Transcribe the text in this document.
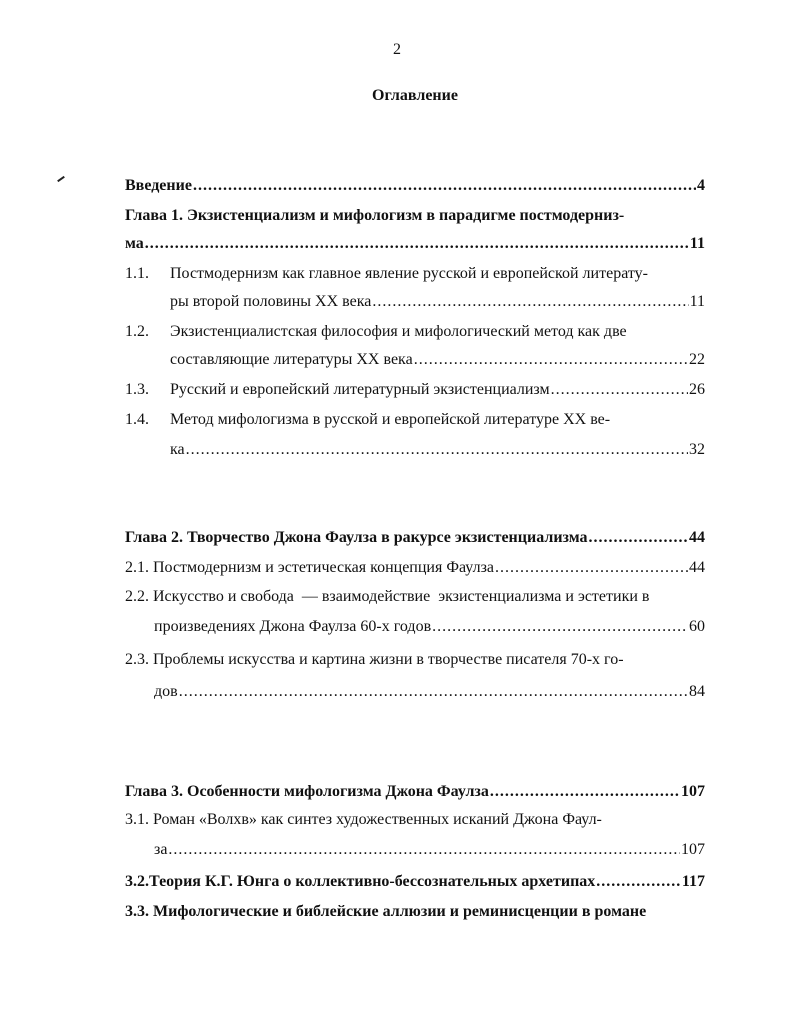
2
Оглавление
Введение .....	4
Глава 1. Экзистенциализм и мифологизм в парадигме постмодерниз-
ма .....	11
1.1. Постмодернизм как главное явление русской и европейской литерату-
ры второй половины ХХ века .....	11
1.2. Экзистенциалистская философия и мифологический метод как две
составляющие литературы ХХ века .....	22
1.3. Русский и европейский литературный экзистенциализм .....	26
1.4. Метод мифологизма в русской и европейской литературе ХХ ве-
ка .....	32
Глава 2. Творчество Джона Фаулза в ракурсе экзистенциализма .....	44
2.1. Постмодернизм и эстетическая концепция Фаулза .....	44
2.2. Искусство и свобода  — взаимодействие  экзистенциализма и эстетики в
произведениях Джона Фаулза 60-х годов .....	60
2.3. Проблемы искусства и картина жизни в творчестве писателя 70-х го-
дов .....	84
Глава 3. Особенности мифологизма Джона Фаулза .....	107
3.1. Роман «Волхв» как синтез художественных исканий Джона Фаул-
за .....	107
3.2.Теория К.Г. Юнга о коллективно-бессознательных архетипах .....	117
3.3. Мифологические и библейские аллюзии и реминисценции в романе
